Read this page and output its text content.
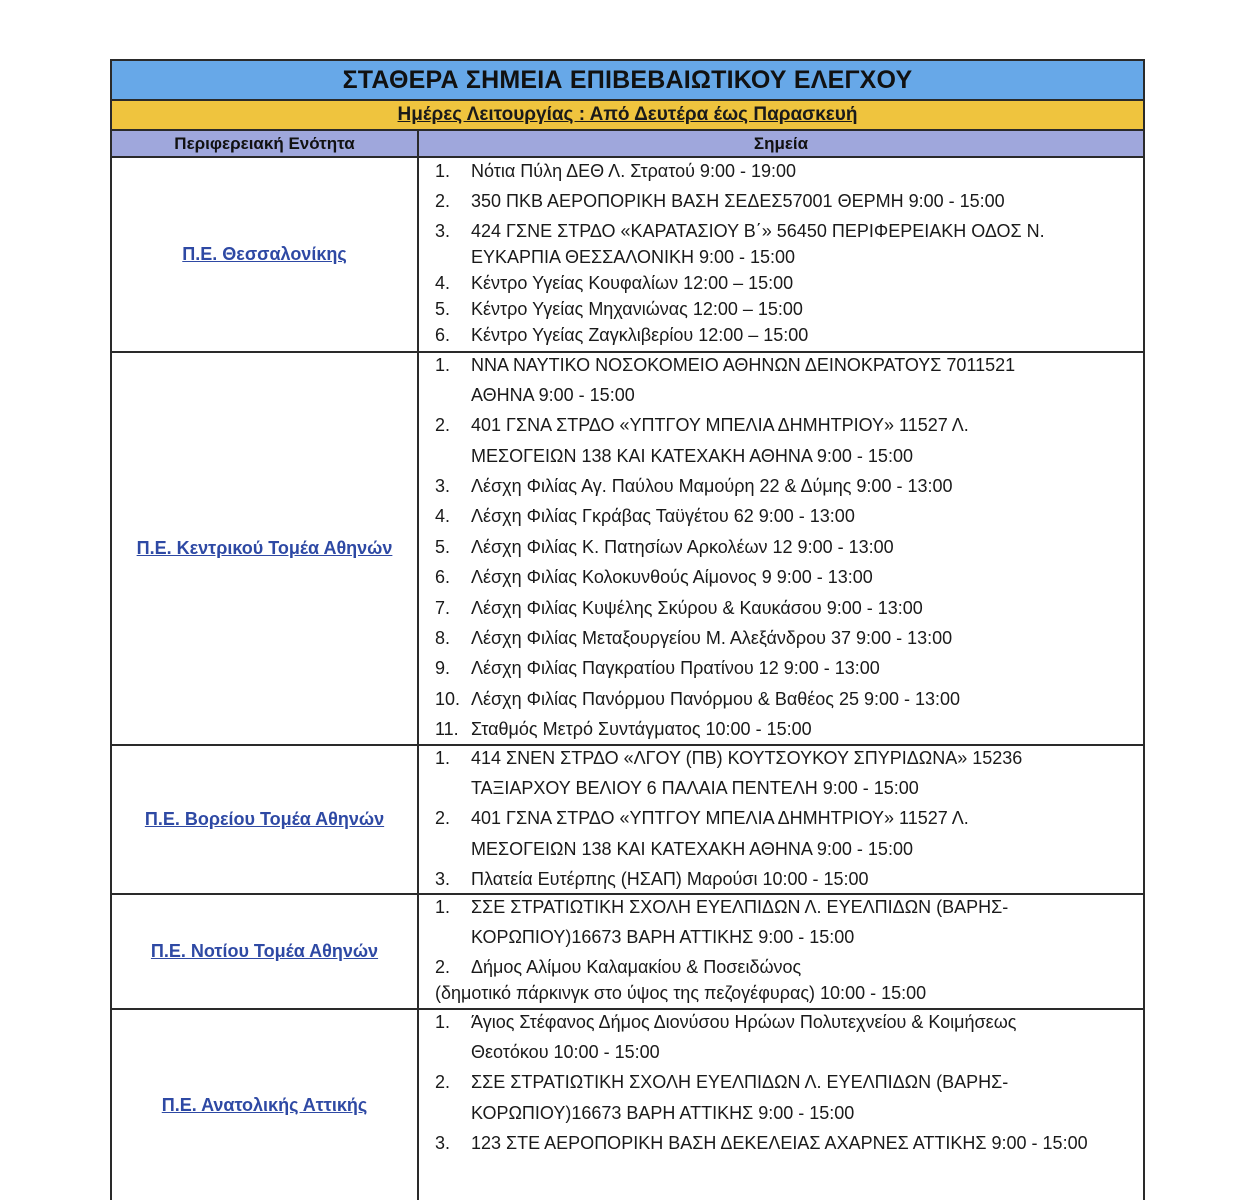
ΣΤΑΘΕΡΑ ΣΗΜΕΙΑ ΕΠΙΒΕΒΑΙΩΤΙΚΟΥ ΕΛΕΓΧΟΥ
Ημέρες Λειτουργίας : Από Δευτέρα έως Παρασκευή
Περιφερειακή Ενότητα	Σημεία
Π.Ε. Θεσσαλονίκης
1.	Νότια Πύλη ΔΕΘ Λ. Στρατού 9:00 - 19:00
2.	350 ΠΚΒ ΑΕΡΟΠΟΡΙΚΗ ΒΑΣΗ ΣΕΔΕΣ57001 ΘΕΡΜΗ 9:00 - 15:00
3.	424 ΓΣΝΕ ΣΤΡΔΟ «ΚΑΡΑΤΑΣΙΟΥ Β΄» 56450 ΠΕΡΙΦΕΡΕΙΑΚΗ ΟΔΟΣ Ν.
ΕΥΚΑΡΠΙΑ ΘΕΣΣΑΛΟΝΙΚΗ 9:00 - 15:00
4.	Κέντρο Υγείας Κουφαλίων 12:00 – 15:00
5.	Κέντρο Υγείας Μηχανιώνας 12:00 – 15:00
6.	Κέντρο Υγείας Ζαγκλιβερίου 12:00 – 15:00
Π.Ε. Κεντρικού Τομέα Αθηνών
1.	ΝΝΑ ΝΑΥΤΙΚΟ ΝΟΣΟΚΟΜΕΙΟ ΑΘΗΝΩΝ ΔΕΙΝΟΚΡΑΤΟΥΣ 7011521
ΑΘΗΝΑ 9:00 - 15:00
2.	401 ΓΣΝΑ ΣΤΡΔΟ «ΥΠΤΓΟΥ ΜΠΕΛΙΑ ΔΗΜΗΤΡΙΟΥ» 11527 Λ.
ΜΕΣΟΓΕΙΩΝ 138 ΚΑΙ ΚΑΤΕΧΑΚΗ ΑΘΗΝΑ 9:00 - 15:00
3.	Λέσχη Φιλίας Αγ. Παύλου Μαμούρη 22 & Δύμης 9:00 - 13:00
4.	Λέσχη Φιλίας Γκράβας Ταϋγέτου 62 9:00 - 13:00
5.	Λέσχη Φιλίας Κ. Πατησίων Αρκολέων 12 9:00 - 13:00
6.	Λέσχη Φιλίας Κολοκυνθούς Αίμονος 9 9:00 - 13:00
7.	Λέσχη Φιλίας Κυψέλης Σκύρου & Καυκάσου 9:00 - 13:00
8.	Λέσχη Φιλίας Μεταξουργείου Μ. Αλεξάνδρου 37 9:00 - 13:00
9.	Λέσχη Φιλίας Παγκρατίου Πρατίνου 12 9:00 - 13:00
10. Λέσχη Φιλίας Πανόρμου Πανόρμου & Βαθέος 25 9:00 - 13:00
11. Σταθμός Μετρό Συντάγματος 10:00 - 15:00
Π.Ε. Βορείου Τομέα Αθηνών
1.	414 ΣΝΕΝ ΣΤΡΔΟ «ΛΓΟΥ (ΠΒ) ΚΟΥΤΣΟΥΚΟΥ ΣΠΥΡΙΔΩΝΑ» 15236
ΤΑΞΙΑΡΧΟΥ ΒΕΛΙΟΥ 6 ΠΑΛΑΙΑ ΠΕΝΤΕΛΗ 9:00 - 15:00
2.	401 ΓΣΝΑ ΣΤΡΔΟ «ΥΠΤΓΟΥ ΜΠΕΛΙΑ ΔΗΜΗΤΡΙΟΥ» 11527 Λ.
ΜΕΣΟΓΕΙΩΝ 138 ΚΑΙ ΚΑΤΕΧΑΚΗ ΑΘΗΝΑ 9:00 - 15:00
3.	Πλατεία Ευτέρπης (ΗΣΑΠ) Μαρούσι 10:00 - 15:00
Π.Ε. Νοτίου Τομέα Αθηνών
1.	ΣΣΕ ΣΤΡΑΤΙΩΤΙΚΗ ΣΧΟΛΗ ΕΥΕΛΠΙΔΩΝ Λ. ΕΥΕΛΠΙΔΩΝ (ΒΑΡΗΣ-
ΚΟΡΩΠΙΟΥ)16673 ΒΑΡΗ ΑΤΤΙΚΗΣ 9:00 - 15:00
2.	Δήμος Αλίμου Καλαμακίου & Ποσειδώνος
(δημοτικό πάρκινγκ στο ύψος της πεζογέφυρας) 10:00 - 15:00
Π.Ε. Ανατολικής Αττικής
1.	Άγιος Στέφανος Δήμος Διονύσου Ηρώων Πολυτεχνείου & Κοιμήσεως
Θεοτόκου 10:00 - 15:00
2.	ΣΣΕ ΣΤΡΑΤΙΩΤΙΚΗ ΣΧΟΛΗ ΕΥΕΛΠΙΔΩΝ Λ. ΕΥΕΛΠΙΔΩΝ (ΒΑΡΗΣ-
ΚΟΡΩΠΙΟΥ)16673 ΒΑΡΗ ΑΤΤΙΚΗΣ 9:00 - 15:00
3.	123 ΣΤΕ ΑΕΡΟΠΟΡΙΚΗ ΒΑΣΗ ΔΕΚΕΛΕΙΑΣ ΑΧΑΡΝΕΣ ΑΤΤΙΚΗΣ 9:00 - 15:00
